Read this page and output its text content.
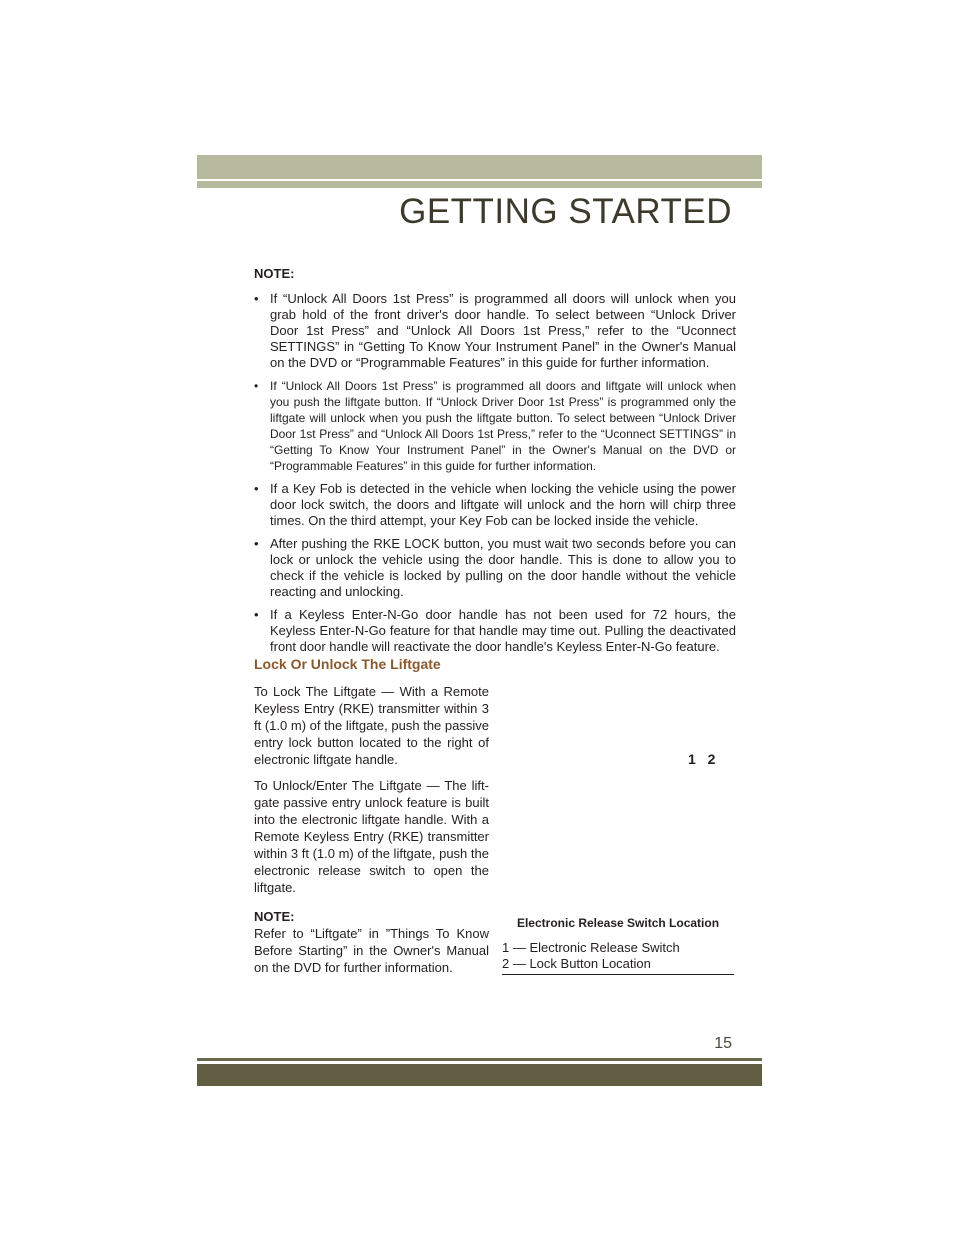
GETTING STARTED

NOTE:

• If “Unlock All Doors 1st Press” is programmed all doors will unlock when you grab hold of the front driver's door handle. To select between “Unlock Driver Door 1st Press” and “Unlock All Doors 1st Press,” refer to the “Uconnect SETTINGS” in “Getting To Know Your Instrument Panel” in the Owner's Manual on the DVD or “Programmable Features” in this guide for further information.
• If “Unlock All Doors 1st Press” is programmed all doors and liftgate will unlock when you push the liftgate button. If “Unlock Driver Door 1st Press” is programmed only the liftgate will unlock when you push the liftgate button. To select between “Unlock Driver Door 1st Press” and “Unlock All Doors 1st Press,” refer to the “Uconnect SETTINGS” in “Getting To Know Your Instrument Panel” in the Owner's Manual on the DVD or “Programmable Features” in this guide for further information.
• If a Key Fob is detected in the vehicle when locking the vehicle using the power door lock switch, the doors and liftgate will unlock and the horn will chirp three times. On the third attempt, your Key Fob can be locked inside the vehicle.
• After pushing the RKE LOCK button, you must wait two seconds before you can lock or unlock the vehicle using the door handle. This is done to allow you to check if the vehicle is locked by pulling on the door handle without the vehicle reacting and unlocking.
• If a Keyless Enter-N-Go door handle has not been used for 72 hours, the Keyless Enter-N-Go feature for that handle may time out. Pulling the deactivated front door handle will reactivate the door handle's Keyless Enter-N-Go feature.
Lock Or Unlock The Liftgate

To Lock The Liftgate — With a Remote Keyless Entry (RKE) transmitter within 3 ft (1.0 m) of the liftgate, push the passive entry lock button located to the right of electronic liftgate handle.

To Unlock/Enter The Liftgate — The lift-gate passive entry unlock feature is built into the electronic liftgate handle. With a Remote Keyless Entry (RKE) transmitter within 3 ft (1.0 m) of the liftgate, push the electronic release switch to open the liftgate.

NOTE:

Refer to “Liftgate” in ”Things To Know Before Starting” in the Owner's Manual on the DVD for further information.

1 2
Electronic Release Switch Location
1 — Electronic Release Switch
2 — Lock Button Location
15
